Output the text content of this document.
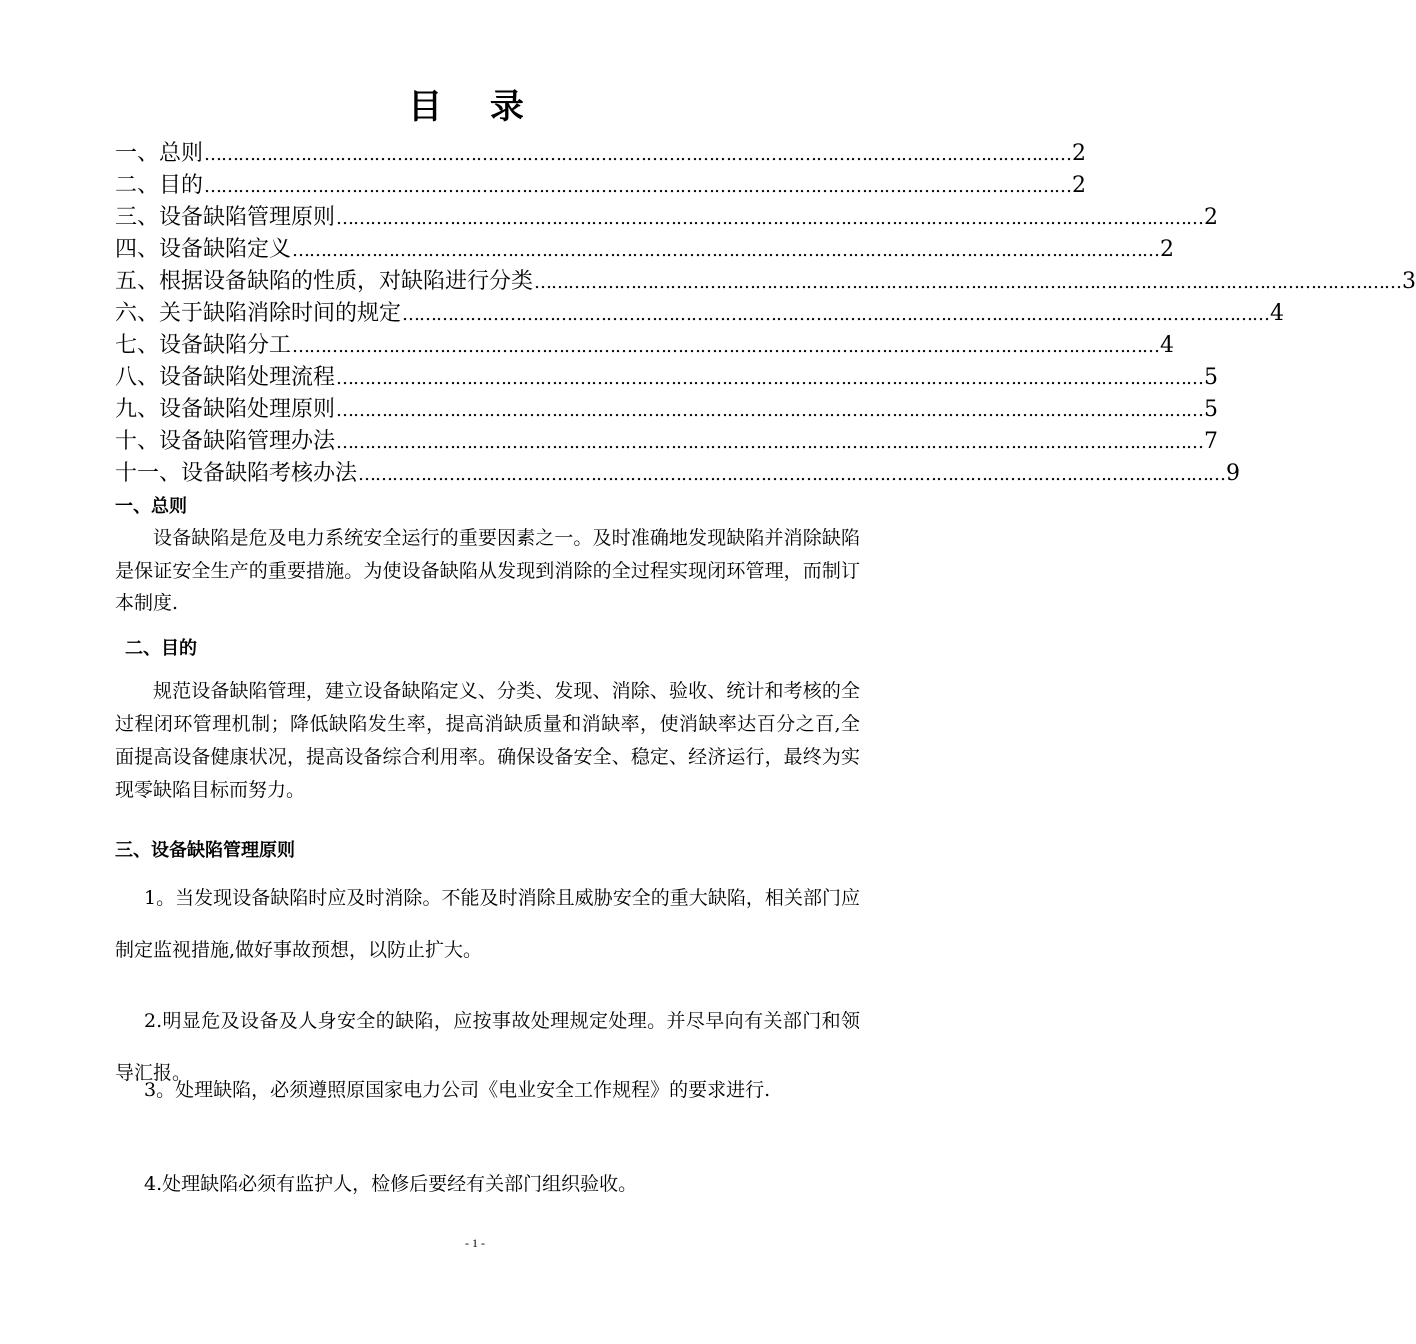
目 录
一、总则 ……………………………………………………………………………………………………………………………………… 2
二、目的 ……………………………………………………………………………………………………………………………………… 2
三、设备缺陷管理原则 ……………………………………………………………………………………………………………………………………… 2
四、设备缺陷定义 ……………………………………………………………………………………………………………………………………… 2
五、根据设备缺陷的性质，对缺陷进行分类 ……………………………………………………………………………………………………………………………………… 3
六、关于缺陷消除时间的规定 ……………………………………………………………………………………………………………………………………… 4
七、设备缺陷分工 ……………………………………………………………………………………………………………………………………… 4
八、设备缺陷处理流程 ……………………………………………………………………………………………………………………………………… 5
九、设备缺陷处理原则 ……………………………………………………………………………………………………………………………………… 5
十、设备缺陷管理办法 ……………………………………………………………………………………………………………………………………… 7
十一、设备缺陷考核办法 ……………………………………………………………………………………………………………………………………… 9
一、总则
设备缺陷是危及电力系统安全运行的重要因素之一。及时准确地发现缺陷并消除缺陷是保证安全生产的重要措施。为使设备缺陷从发现到消除的全过程实现闭环管理，而制订本制度.
二、目的
规范设备缺陷管理，建立设备缺陷定义、分类、发现、消除、验收、统计和考核的全过程闭环管理机制；降低缺陷发生率，提高消缺质量和消缺率，使消缺率达百分之百,全面提高设备健康状况，提高设备综合利用率。确保设备安全、稳定、经济运行，最终为实现零缺陷目标而努力。
三、设备缺陷管理原则
1。当发现设备缺陷时应及时消除。不能及时消除且威胁安全的重大缺陷，相关部门应制定监视措施,做好事故预想，以防止扩大。
2.明显危及设备及人身安全的缺陷，应按事故处理规定处理。并尽早向有关部门和领导汇报。
3。处理缺陷，必须遵照原国家电力公司《电业安全工作规程》的要求进行.
4.处理缺陷必须有监护人，检修后要经有关部门组织验收。
- 1 -
